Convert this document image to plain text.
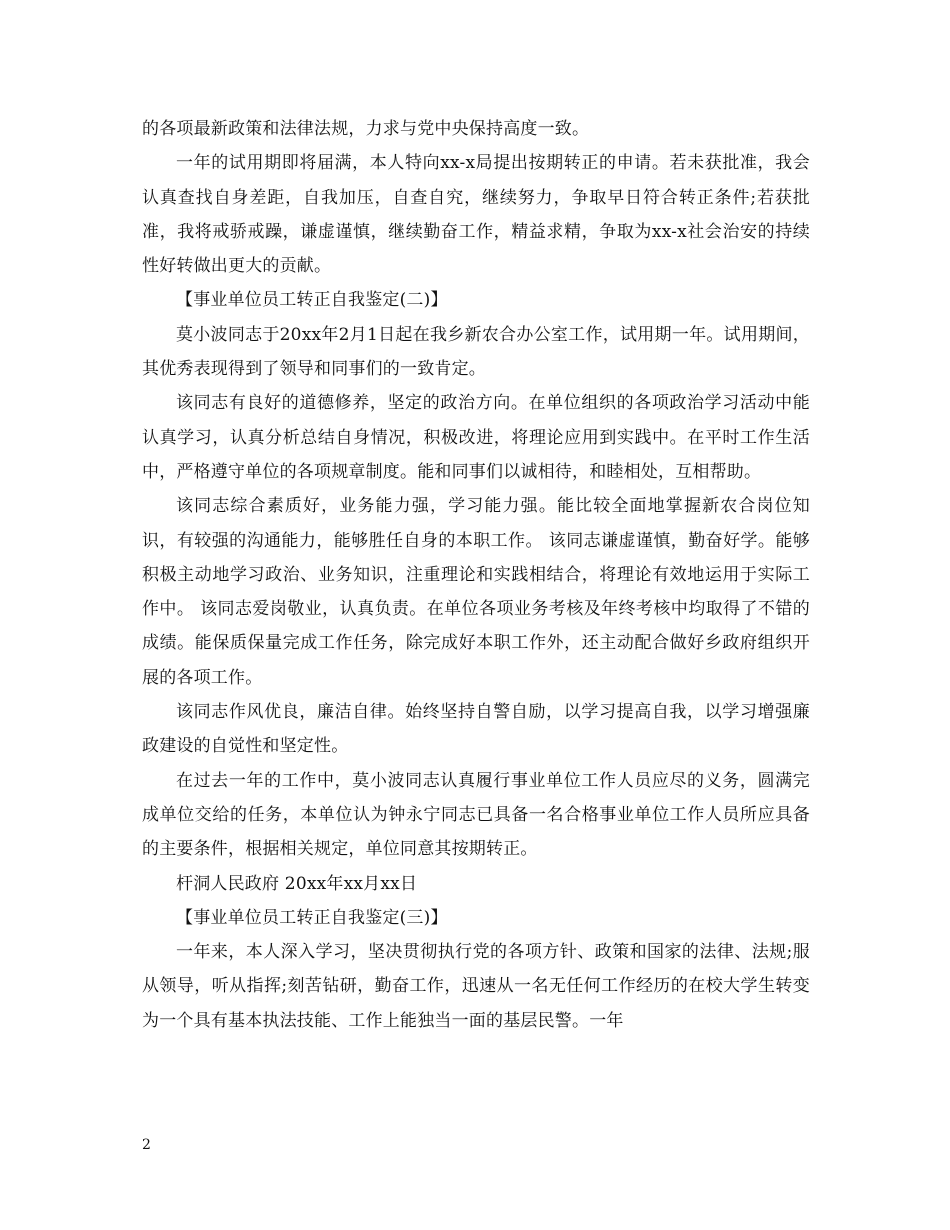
的各项最新政策和法律法规，力求与党中央保持高度一致。

一年的试用期即将届满，本人特向xx-x局提出按期转正的申请。若未获批准，我会认真查找自身差距，自我加压，自查自究，继续努力，争取早日符合转正条件;若获批准，我将戒骄戒躁，谦虚谨慎，继续勤奋工作，精益求精，争取为xx-x社会治安的持续性好转做出更大的贡献。

【事业单位员工转正自我鉴定(二)】

莫小波同志于20xx年2月1日起在我乡新农合办公室工作，试用期一年。试用期间，其优秀表现得到了领导和同事们的一致肯定。

该同志有良好的道德修养，坚定的政治方向。在单位组织的各项政治学习活动中能认真学习，认真分析总结自身情况，积极改进，将理论应用到实践中。在平时工作生活中，严格遵守单位的各项规章制度。能和同事们以诚相待，和睦相处，互相帮助。

该同志综合素质好，业务能力强，学习能力强。能比较全面地掌握新农合岗位知识，有较强的沟通能力，能够胜任自身的本职工作。 该同志谦虚谨慎，勤奋好学。能够积极主动地学习政治、业务知识，注重理论和实践相结合，将理论有效地运用于实际工作中。 该同志爱岗敬业，认真负责。在单位各项业务考核及年终考核中均取得了不错的成绩。能保质保量完成工作任务，除完成好本职工作外，还主动配合做好乡政府组织开展的各项工作。

该同志作风优良，廉洁自律。始终坚持自警自励，以学习提高自我，以学习增强廉政建设的自觉性和坚定性。

在过去一年的工作中，莫小波同志认真履行事业单位工作人员应尽的义务，圆满完成单位交给的任务，本单位认为钟永宁同志已具备一名合格事业单位工作人员所应具备的主要条件，根据相关规定，单位同意其按期转正。

杆洞人民政府 20xx年xx月xx日

【事业单位员工转正自我鉴定(三)】

一年来，本人深入学习，坚决贯彻执行党的各项方针、政策和国家的法律、法规;服从领导，听从指挥;刻苦钻研，勤奋工作，迅速从一名无任何工作经历的在校大学生转变为一个具有基本执法技能、工作上能独当一面的基层民警。一年

2
